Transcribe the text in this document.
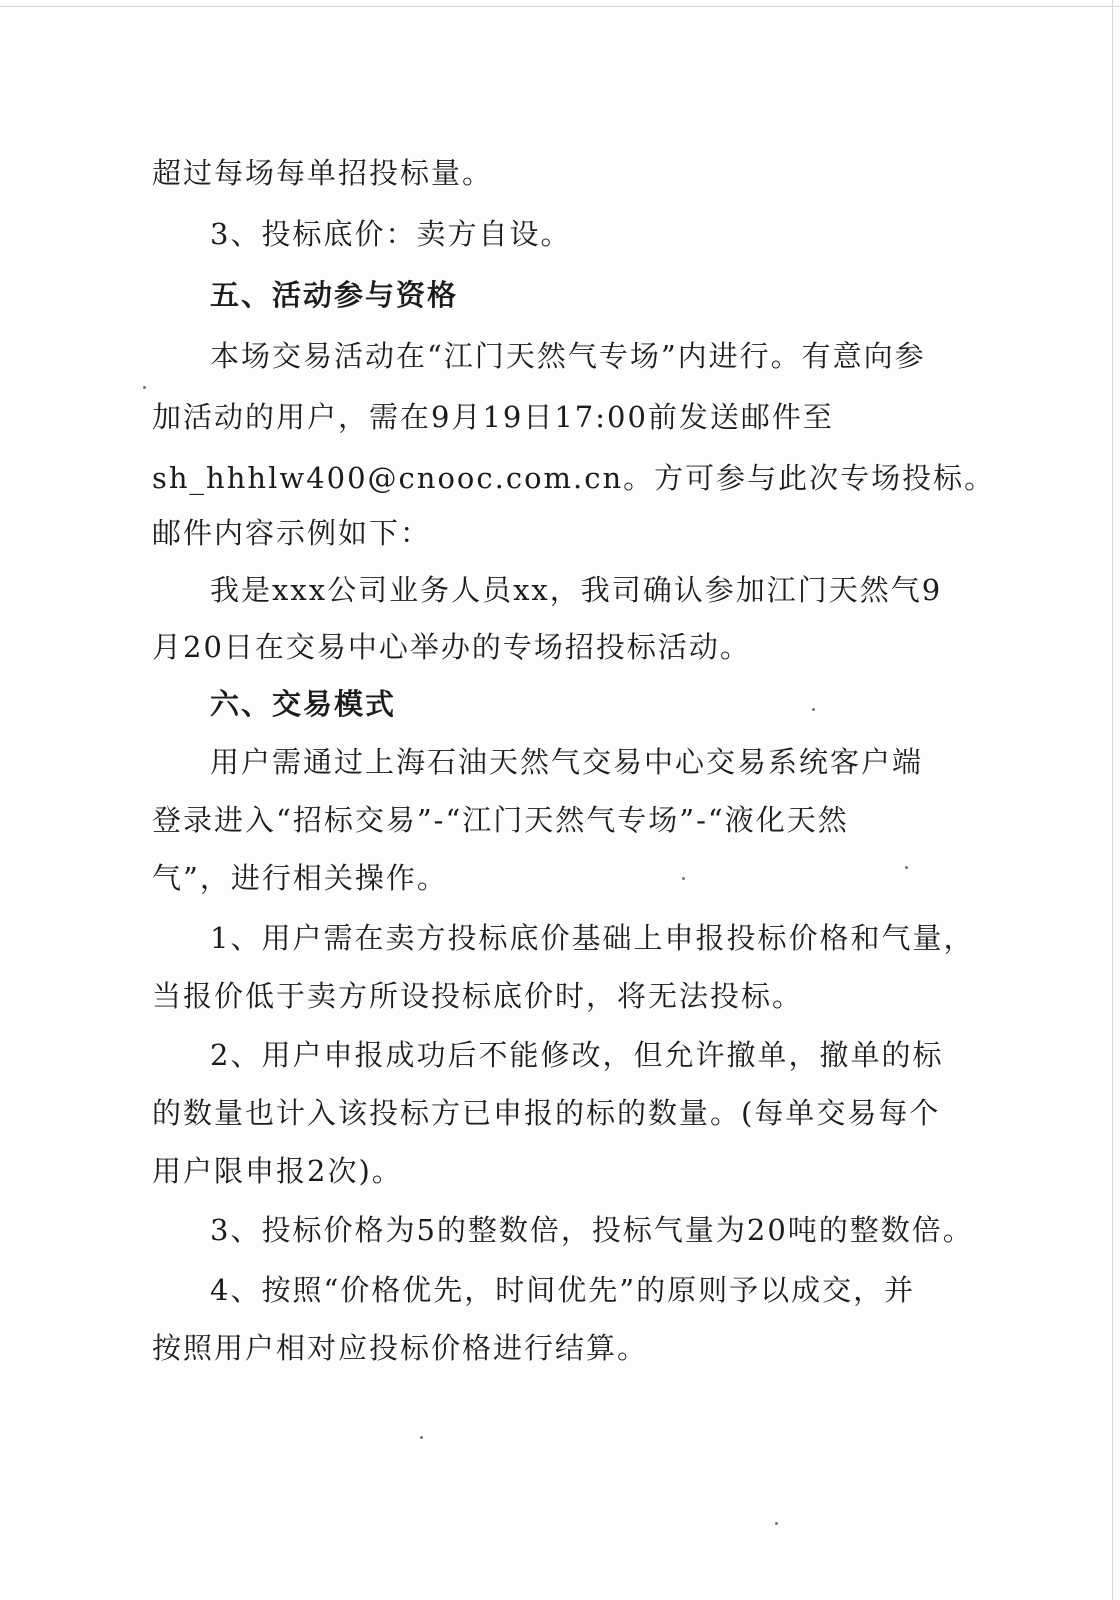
超过每场每单招投标量。
3、投标底价：卖方自设。
五、活动参与资格
本场交易活动在“江门天然气专场”内进行。有意向参
加活动的用户，需在9月19日17:00前发送邮件至
sh_hhhlw400@cnooc.com.cn。方可参与此次专场投标。
邮件内容示例如下：
我是xxx公司业务人员xx，我司确认参加江门天然气9
月20日在交易中心举办的专场招投标活动。
六、交易模式
用户需通过上海石油天然气交易中心交易系统客户端
登录进入“招标交易”-“江门天然气专场”-“液化天然
气”，进行相关操作。
1、用户需在卖方投标底价基础上申报投标价格和气量，
当报价低于卖方所设投标底价时，将无法投标。
2、用户申报成功后不能修改，但允许撤单，撤单的标
的数量也计入该投标方已申报的标的数量。(每单交易每个
用户限申报2次)。
3、投标价格为5的整数倍，投标气量为20吨的整数倍。
4、按照“价格优先，时间优先”的原则予以成交，并
按照用户相对应投标价格进行结算。
